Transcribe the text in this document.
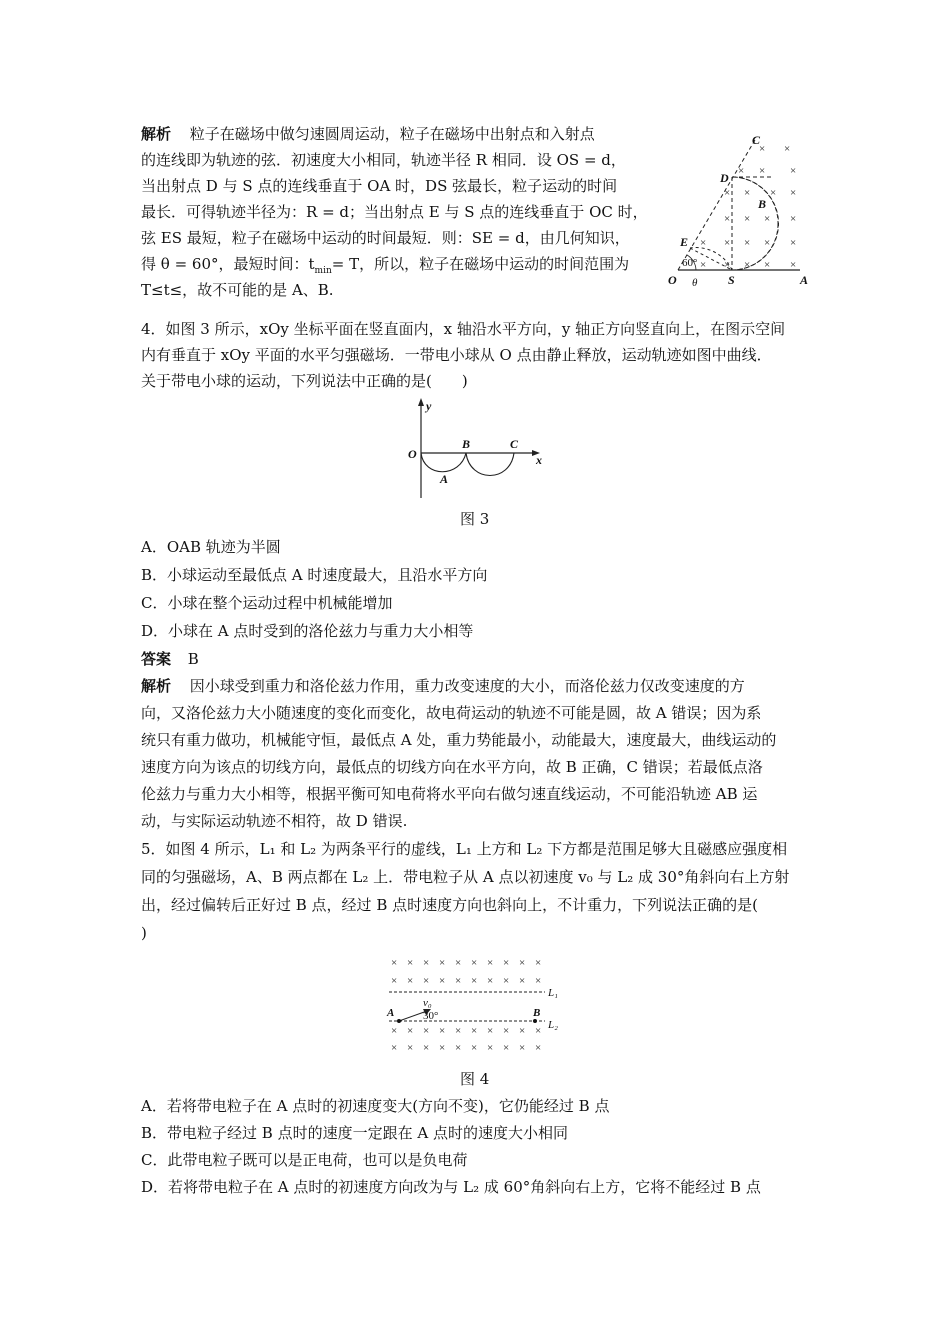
解析 粒子在磁场中做匀速圆周运动，粒子在磁场中出射点和入射点
的连线即为轨迹的弦．初速度大小相同，轨迹半径 R 相同．设 OS = d，
当出射点 D 与 S 点的连线垂直于 OA 时，DS 弦最长，粒子运动的时间
最长．可得轨迹半径为：R = d；当出射点 E 与 S 点的连线垂直于 OC 时，
弦 ES 最短，粒子在磁场中运动的时间最短．则：SE = d，由几何知识，
得 θ = 60°，最短时间：$t_{min}= T$，所以，粒子在磁场中运动的时间范围为
T≤t≤，故不可能的是 A、B.
× ×
× × ×
× × × ×
× × × ×
× × × × ×
× × × × ×
C
D
B
E
O	S	A
60°
θ
4．如图 3 所示，xOy 坐标平面在竖直面内，x 轴沿水平方向，y 轴正方向竖直向上，在图示空间
内有垂直于 xOy 平面的水平匀强磁场．一带电小球从 O 点由静止释放，运动轨迹如图中曲线．
关于带电小球的运动，下列说法中正确的是(　　)
y
x
O
A
B	C
图 3
A．OAB 轨迹为半圆
B．小球运动至最低点 A 时速度最大，且沿水平方向
C．小球在整个运动过程中机械能增加
D．小球在 A 点时受到的洛伦兹力与重力大小相等
答案 B
解析 因小球受到重力和洛伦兹力作用，重力改变速度的大小，而洛伦兹力仅改变速度的方
向，又洛伦兹力大小随速度的变化而变化，故电荷运动的轨迹不可能是圆，故 A 错误；因为系
统只有重力做功，机械能守恒，最低点 A 处，重力势能最小，动能最大，速度最大，曲线运动的
速度方向为该点的切线方向，最低点的切线方向在水平方向，故 B 正确，C 错误；若最低点洛
伦兹力与重力大小相等，根据平衡可知电荷将水平向右做匀速直线运动，不可能沿轨迹 AB 运
动，与实际运动轨迹不相符，故 D 错误.
5．如图 4 所示，L₁ 和 L₂ 为两条平行的虚线，L₁ 上方和 L₂ 下方都是范围足够大且磁感应强度相
同的匀强磁场，A、B 两点都在 L₂ 上．带电粒子从 A 点以初速度 v₀ 与 L₂ 成 30°角斜向右上方射
出，经过偏转后正好过 B 点，经过 B 点时速度方向也斜向上，不计重力，下列说法正确的是(
)
× × × × × × × × × ×
× × × × × × × × × ×
× × × × × × × × × ×
× × × × × × × × × ×
L₁
L₂
A	B
v₀
30°
图 4
A．若将带电粒子在 A 点时的初速度变大(方向不变)，它仍能经过 B 点
B．带电粒子经过 B 点时的速度一定跟在 A 点时的速度大小相同
C．此带电粒子既可以是正电荷，也可以是负电荷
D．若将带电粒子在 A 点时的初速度方向改为与 L₂ 成 60°角斜向右上方，它将不能经过 B 点
